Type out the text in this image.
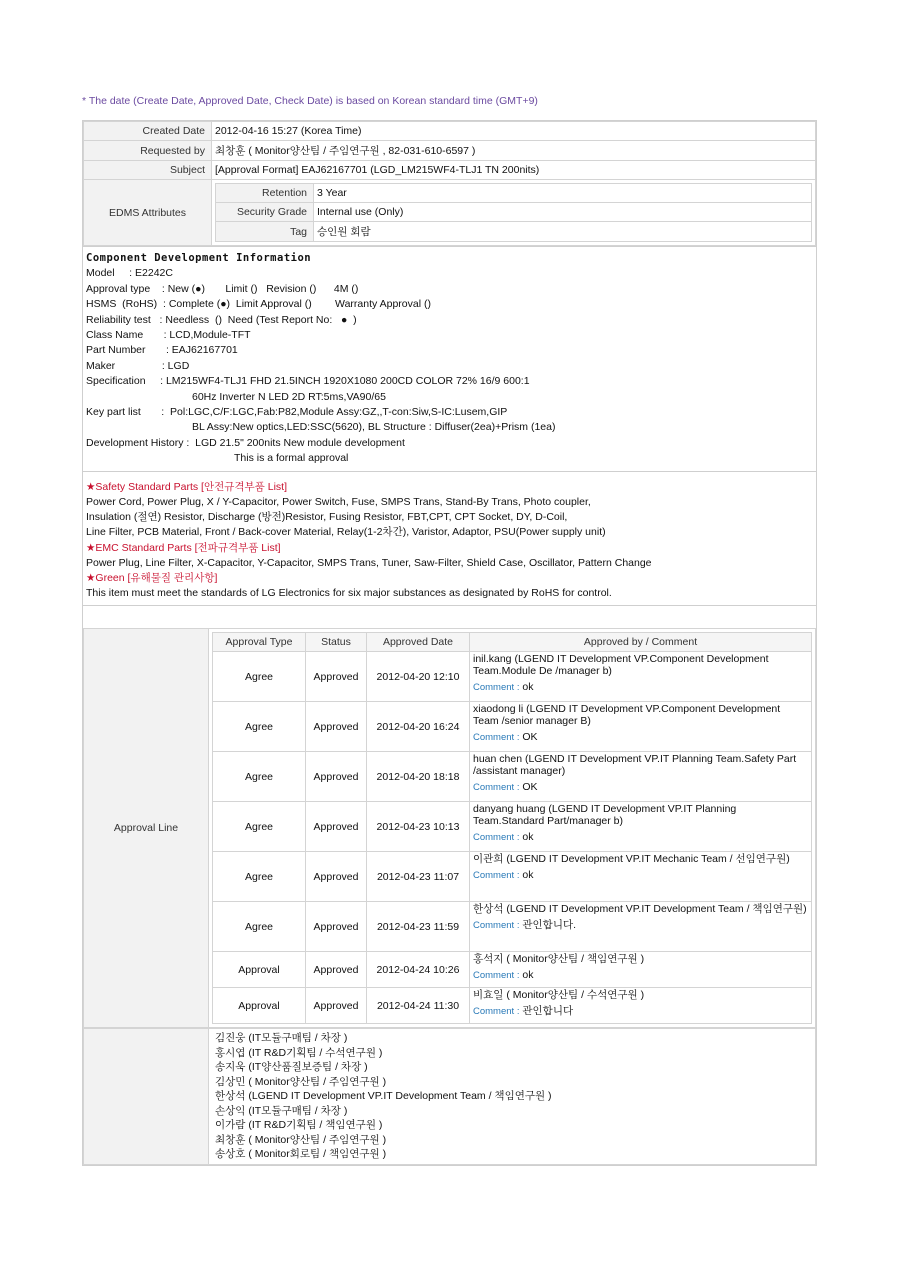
* The date (Create Date, Approved Date, Check Date) is based on Korean standard time (GMT+9)
Created Date	2012-04-16 15:27 (Korea Time)
Requested by	최창훈 ( Monitor양산팀 / 주임연구원 , 82-031-610-6597 )
Subject	[Approval Format] EAJ62167701 (LGD_LM215WF4-TLJ1 TN 200nits)
EDMS Attributes	
Retention	3 Year
Security Grade	Internal use (Only)
Tag	승인원 회람
Component Development Information
Model     : E2242C
Approval type    : New (●)       Limit ()   Revision ()      4M ()
HSMS  (RoHS)  : Complete (●)  Limit Approval ()        Warranty Approval ()
Reliability test   : Needless  ()  Need (Test Report No:   ●  )
Class Name       : LCD,Module-TFT
Part Number       : EAJ62167701
Maker                : LGD
Specification     : LM215WF4-TLJ1 FHD 21.5INCH 1920X1080 200CD COLOR 72% 16/9 600:1
60Hz Inverter N LED 2D RT:5ms,VA90/65
Key part list       :  Pol:LGC,C/F:LGC,Fab:P82,Module Assy:GZ,,T-con:Siw,S-IC:Lusem,GIP
BL Assy:New optics,LED:SSC(5620), BL Structure : Diffuser(2ea)+Prism (1ea)
Development History :  LGD 21.5" 200nits New module development
This is a formal approval
★Safety Standard Parts [안전규격부품 List]
Power Cord, Power Plug, X / Y-Capacitor, Power Switch, Fuse, SMPS Trans, Stand-By Trans, Photo coupler,
Insulation (절연) Resistor, Discharge (방전)Resistor, Fusing Resistor, FBT,CPT, CPT Socket, DY, D-Coil,
Line Filter, PCB Material, Front / Back-cover Material, Relay(1-2차간), Varistor, Adaptor, PSU(Power supply unit)
★EMC Standard Parts [전파규격부품 List]
Power Plug, Line Filter, X-Capacitor, Y-Capacitor, SMPS Trans, Tuner, Saw-Filter, Shield Case, Oscillator, Pattern Change
★Green [유해물질 관리사항]
This item must meet the standards of LG Electronics for six major substances as designated by RoHS for control.
Approval Line	
Approval Type	Status	Approved Date	Approved by / Comment
Agree	Approved	2012-04-20 12:10	
inil.kang (LGEND IT Development VP.Component Development Team.Module De /manager b)
Comment : ok

Agree	Approved	2012-04-20 16:24	
xiaodong li (LGEND IT Development VP.Component Development Team /senior manager B)
Comment : OK

Agree	Approved	2012-04-20 18:18	
huan chen (LGEND IT Development VP.IT Planning Team.Safety Part /assistant manager)
Comment : OK

Agree	Approved	2012-04-23 10:13	
danyang huang (LGEND IT Development VP.IT Planning Team.Standard Part/manager b)
Comment : ok

Agree	Approved	2012-04-23 11:07	
이관희 (LGEND IT Development VP.IT Mechanic Team / 선임연구원)
Comment : ok

Agree	Approved	2012-04-23 11:59	
한상석 (LGEND IT Development VP.IT Development Team / 책임연구원)
Comment : 관인합니다.

Approval	Approved	2012-04-24 10:26	
홍석지 ( Monitor양산팀 / 책임연구원 )
Comment : ok

Approval	Approved	2012-04-24 11:30	
비효일 ( Monitor양산팀 / 수석연구원 )
Comment : 관인합니다

김진웅 (IT모듈구매팀 / 차장 )
홍시엽 (IT R&D기획팀 / 수석연구원 )
송지욱 (IT양산품질보증팀 / 차장 )
김상민 ( Monitor양산팀 / 주임연구원 )
한상석 (LGEND IT Development VP.IT Development Team / 책임연구원 )
손상익 (IT모듈구매팀 / 차장 )
이가람 (IT R&D기획팀 / 책임연구원 )
최창훈 ( Monitor양산팀 / 주임연구원 )
송상호 ( Monitor회로팀 / 책임연구원 )
